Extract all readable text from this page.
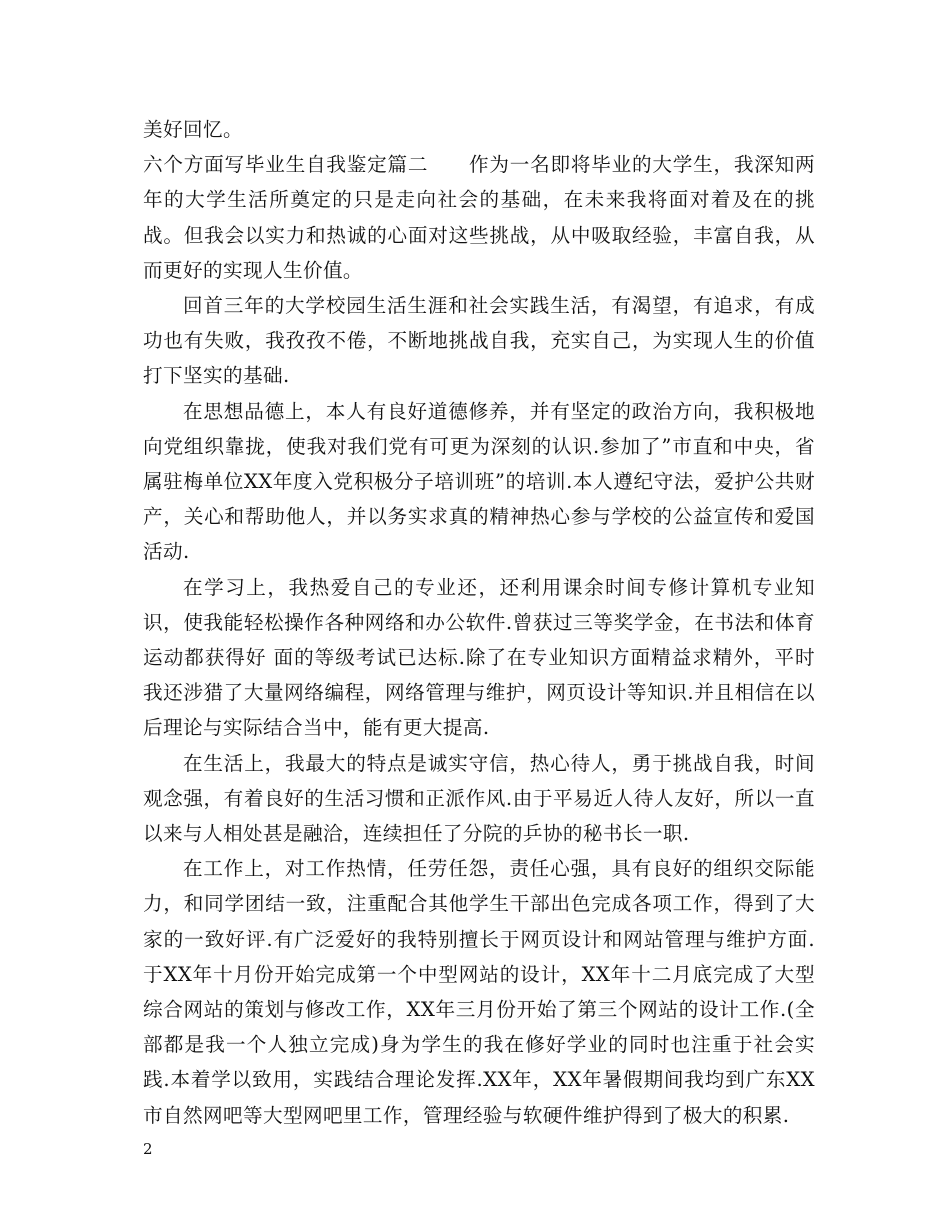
美好回忆。

六个方面写毕业生自我鉴定篇二　　作为一名即将毕业的大学生，我深知两年的大学生活所奠定的只是走向社会的基础，在未来我将面对着及在的挑战。但我会以实力和热诚的心面对这些挑战，从中吸取经验，丰富自我，从而更好的实现人生价值。

回首三年的大学校园生活生涯和社会实践生活，有渴望，有追求，有成功也有失败，我孜孜不倦，不断地挑战自我，充实自己，为实现人生的价值打下坚实的基础.

在思想品德上，本人有良好道德修养，并有坚定的政治方向，我积极地向党组织靠拢，使我对我们党有可更为深刻的认识.参加了”市直和中央，省属驻梅单位XX年度入党积极分子培训班”的培训.本人遵纪守法，爱护公共财产，关心和帮助他人，并以务实求真的精神热心参与学校的公益宣传和爱国活动.

在学习上，我热爱自己的专业还，还利用课余时间专修计算机专业知识，使我能轻松操作各种网络和办公软件.曾获过三等奖学金，在书法和体育运动都获得好 面的等级考试已达标.除了在专业知识方面精益求精外，平时我还涉猎了大量网络编程，网络管理与维护，网页设计等知识.并且相信在以后理论与实际结合当中，能有更大提高.

在生活上，我最大的特点是诚实守信，热心待人，勇于挑战自我，时间观念强，有着良好的生活习惯和正派作风.由于平易近人待人友好，所以一直以来与人相处甚是融洽，连续担任了分院的乒协的秘书长一职.

在工作上，对工作热情，任劳任怨，责任心强，具有良好的组织交际能力，和同学团结一致，注重配合其他学生干部出色完成各项工作，得到了大家的一致好评.有广泛爱好的我特别擅长于网页设计和网站管理与维护方面.于XX年十月份开始完成第一个中型网站的设计，XX年十二月底完成了大型综合网站的策划与修改工作，XX年三月份开始了第三个网站的设计工作.(全部都是我一个人独立完成)身为学生的我在修好学业的同时也注重于社会实践.本着学以致用，实践结合理论发挥.XX年，XX年暑假期间我均到广东XX市自然网吧等大型网吧里工作，管理经验与软硬件维护得到了极大的积累.

2
